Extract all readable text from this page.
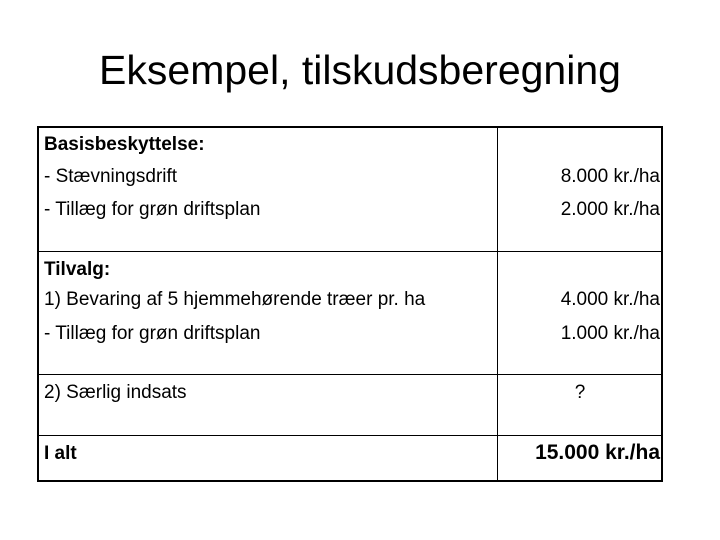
Eksempel, tilskudsberegning
Basisbeskyttelse:
- Stævningsdrift	8.000 kr./ha
- Tillæg for grøn driftsplan	2.000 kr./ha
Tilvalg:
1) Bevaring af 5 hjemmehørende træer pr. ha	4.000 kr./ha
- Tillæg for grøn driftsplan	1.000 kr./ha
2) Særlig indsats	?
I alt	15.000 kr./ha
